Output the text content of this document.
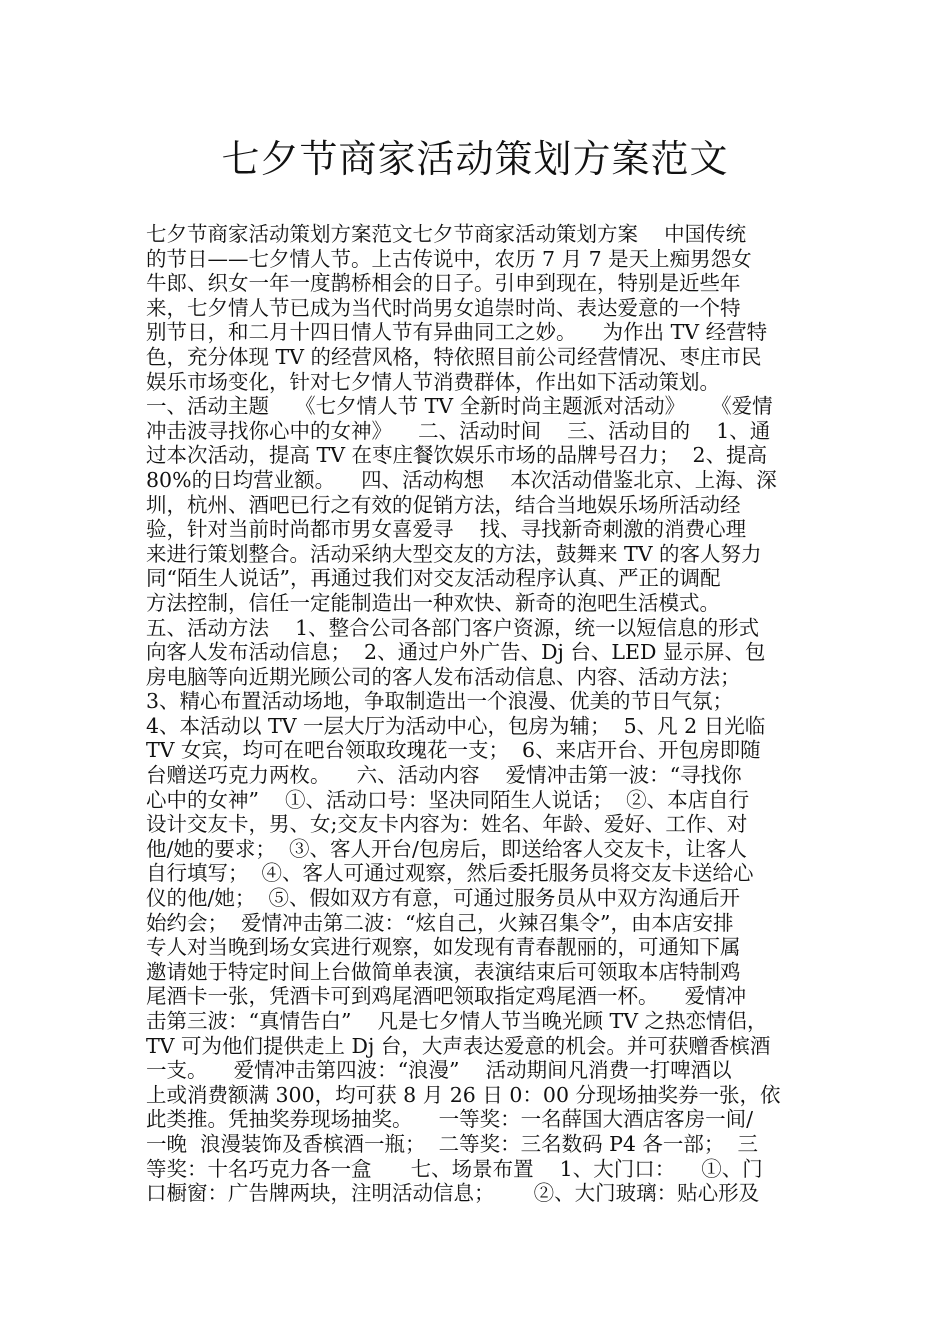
七夕节商家活动策划方案范文
七夕节商家活动策划方案范文七夕节商家活动策划方案    中国传统
的节日——七夕情人节。上古传说中，农历 7 月 7 是天上痴男怨女
牛郎、织女一年一度鹊桥相会的日子。引申到现在，特别是近些年
来，七夕情人节已成为当代时尚男女追崇时尚、表达爱意的一个特
别节日，和二月十四日情人节有异曲同工之妙。    为作出 TV 经营特
色，充分体现 TV 的经营风格，特依照目前公司经营情况、枣庄市民
娱乐市场变化，针对七夕情人节消费群体，作出如下活动策划。
一、活动主题    《七夕情人节 TV 全新时尚主题派对活动》    《爱情
冲击波寻找你心中的女神》    二、活动时间    三、活动目的    1、通
过本次活动，提高 TV 在枣庄餐饮娱乐市场的品牌号召力；  2、提高
80%的日均营业额。    四、活动构想    本次活动借鉴北京、上海、深
圳，杭州、酒吧已行之有效的促销方法，结合当地娱乐场所活动经
验，针对当前时尚都市男女喜爱寻    找、寻找新奇刺激的消费心理
来进行策划整合。活动采纳大型交友的方法，鼓舞来 TV 的客人努力
同“陌生人说话”，再通过我们对交友活动程序认真、严正的调配
方法控制，信任一定能制造出一种欢快、新奇的泡吧生活模式。
五、活动方法    1、整合公司各部门客户资源，统一以短信息的形式
向客人发布活动信息；  2、通过户外广告、Dj 台、LED 显示屏、包
房电脑等向近期光顾公司的客人发布活动信息、内容、活动方法；
3、精心布置活动场地，争取制造出一个浪漫、优美的节日气氛；
4、本活动以 TV 一层大厅为活动中心，包房为辅；  5、凡 2 日光临
TV 女宾，均可在吧台领取玫瑰花一支；  6、来店开台、开包房即随
台赠送巧克力两枚。    六、活动内容    爱情冲击第一波：“寻找你
心中的女神”    ①、活动口号：坚决同陌生人说话；  ②、本店自行
设计交友卡，男、女;交友卡内容为：姓名、年龄、爱好、工作、对
他/她的要求；  ③、客人开台/包房后，即送给客人交友卡，让客人
自行填写；  ④、客人可通过观察，然后委托服务员将交友卡送给心
仪的他/她；  ⑤、假如双方有意，可通过服务员从中双方沟通后开
始约会；  爱情冲击第二波：“炫自己，火辣召集令”，由本店安排
专人对当晚到场女宾进行观察，如发现有青春靓丽的，可通知下属
邀请她于特定时间上台做简单表演，表演结束后可领取本店特制鸡
尾酒卡一张，凭酒卡可到鸡尾酒吧领取指定鸡尾酒一杯。    爱情冲
击第三波：“真情告白”    凡是七夕情人节当晚光顾 TV 之热恋情侣，
TV 可为他们提供走上 Dj 台，大声表达爱意的机会。并可获赠香槟酒
一支。    爱情冲击第四波：“浪漫”    活动期间凡消费一打啤酒以
上或消费额满 300，均可获 8 月 26 日 0：00 分现场抽奖券一张，依
此类推。凭抽奖券现场抽奖。    一等奖：一名薛国大酒店客房一间/
一晚  浪漫装饰及香槟酒一瓶；  二等奖：三名数码 P4 各一部；  三
等奖：十名巧克力各一盒      七、场景布置    1、大门口：    ①、门
口橱窗：广告牌两块，注明活动信息；      ②、大门玻璃：贴心形及
